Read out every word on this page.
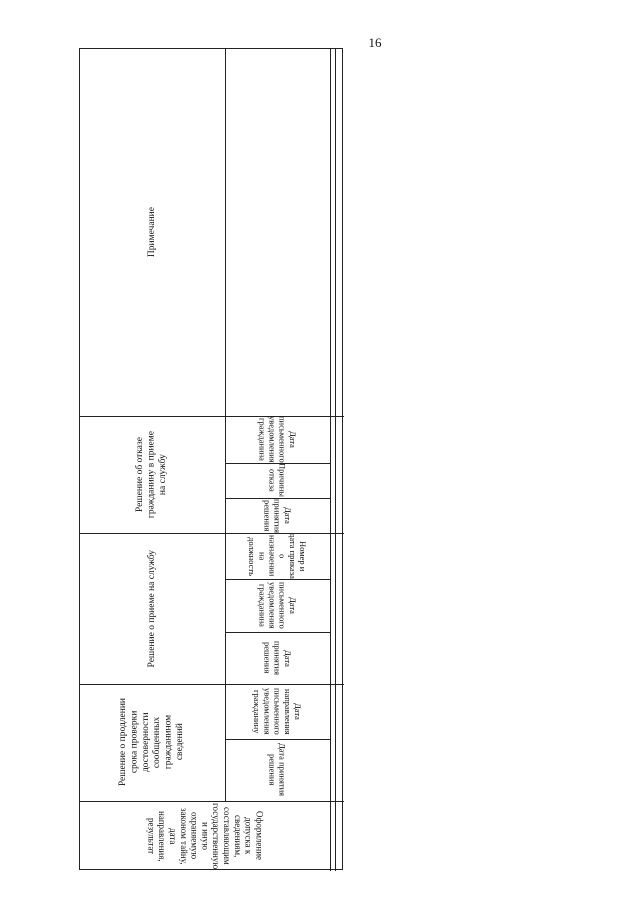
16
Примечание
Решение об отказе
гражданину в приеме
на службу
Дата письменного
уведомления
гражданина
Причины отказа
Дата принятия
решения
Решение о приеме на службу	Номер и дата приказа
о назначении на
должность
Дата письменного
уведомления
гражданина
Дата принятия
решения
Решение о продлении
срока проверки
достоверности
сообщенных
гражданином
сведений
Дата направления
письменного
уведомления
гражданину
Дата принятия
решения
Оформление допуска к сведениям, составляющим государственную и иную охраняемую законом тайну, дата направления, результат
